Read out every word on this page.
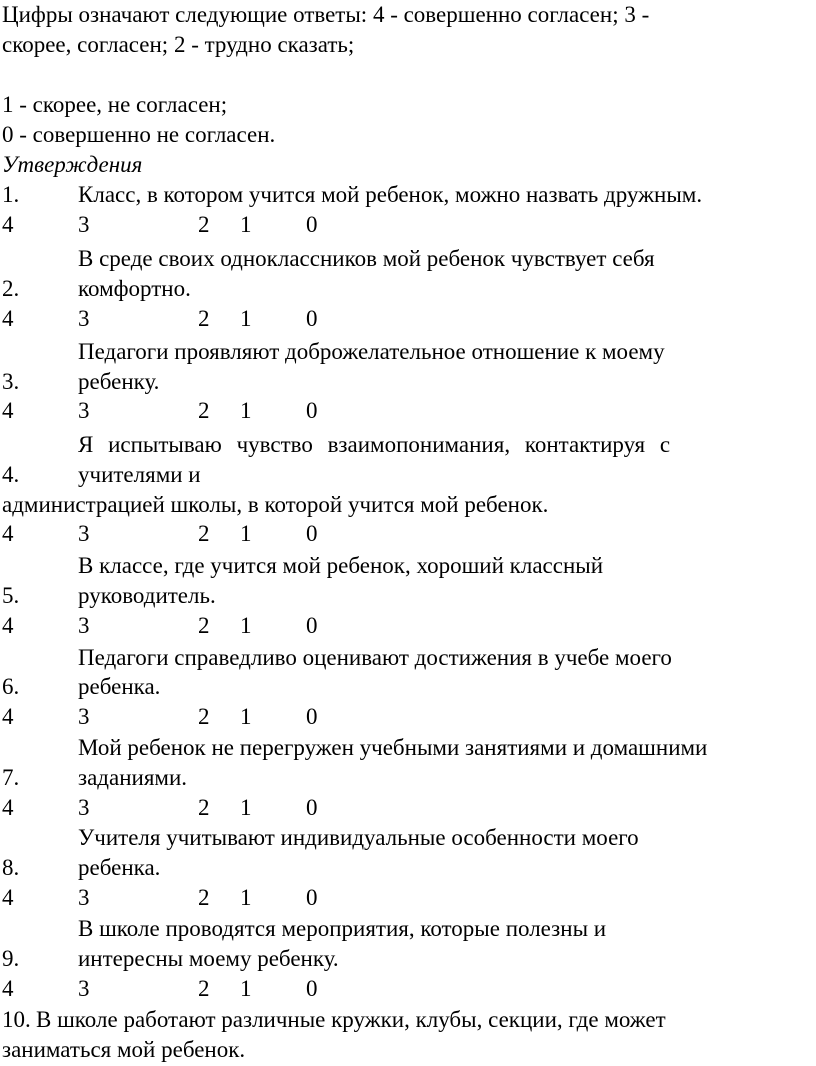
Цифры означают следующие ответы: 4 - совершенно согласен; 3 -
скорее, согласен; 2 - трудно сказать;
1 - скорее, не согласен;
0 - совершенно не согласен.
Утверждения
1.	Класс, в котором учится мой ребенок, можно назвать дружным.
4	3	2 1 0
В среде своих одноклассников мой ребенок чувствует себя
2.	комфортно.
4	3	2 1 0
Педагоги проявляют доброжелательное отношение к моему
3.	ребенку.
4	3	2 1 0
Я испытываю чувство взаимопонимания, контактируя с
4.	учителями и
администрацией школы, в которой учится мой ребенок.
4	3	2 1 0
В классе, где учится мой ребенок, хороший классный
5.	руководитель.
4	3	2 1 0
Педагоги справедливо оценивают достижения в учебе моего
6.	ребенка.
4	3	2 1 0
Мой ребенок не перегружен учебными занятиями и домашними
7.	заданиями.
4	3	2 1 0
Учителя учитывают индивидуальные особенности моего
8.	ребенка.
4	3	2 1 0
В школе проводятся мероприятия, которые полезны и
9.	интересны моему ребенку.
4	3	2 1 0
10. В школе работают различные кружки, клубы, секции, где может
заниматься мой ребенок.
